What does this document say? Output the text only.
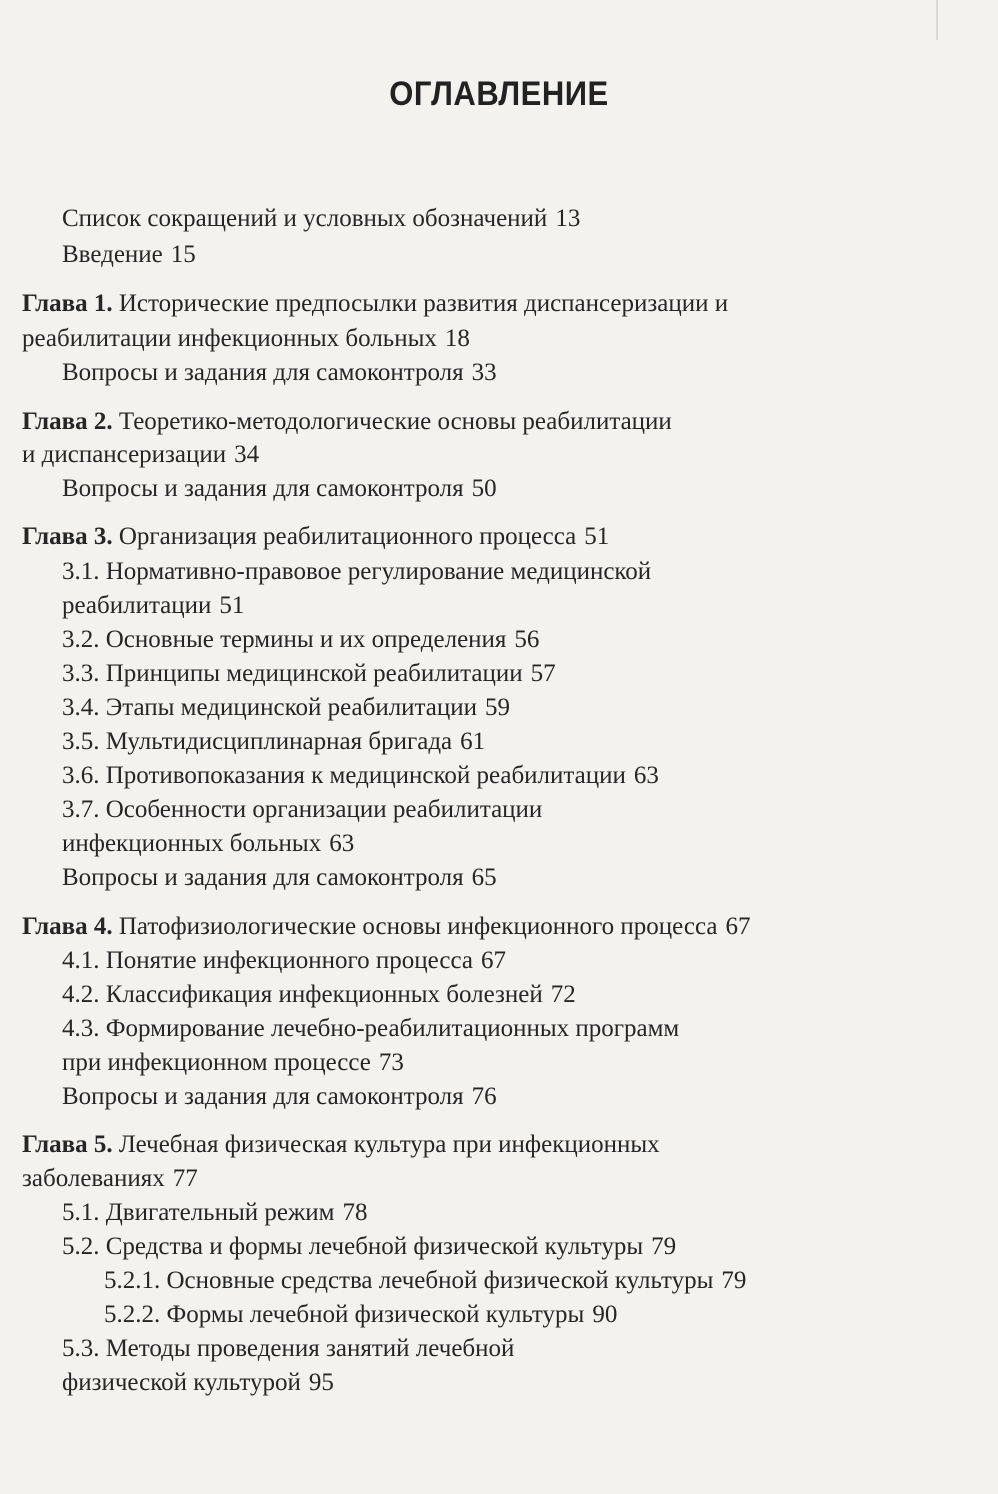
ОГЛАВЛЕНИЕ
Список сокращений и условных обозначений 13
Введение 15
Глава 1. Исторические предпосылки развития диспансеризации и
реабилитации инфекционных больных 18
Вопросы и задания для самоконтроля 33
Глава 2. Теоретико-методологические основы реабилитации
и диспансеризации 34
Вопросы и задания для самоконтроля 50
Глава 3. Организация реабилитационного процесса 51
3.1. Нормативно-правовое регулирование медицинской
реабилитации 51
3.2. Основные термины и их определения 56
3.3. Принципы медицинской реабилитации 57
3.4. Этапы медицинской реабилитации 59
3.5. Мультидисциплинарная бригада 61
3.6. Противопоказания к медицинской реабилитации 63
3.7. Особенности организации реабилитации
инфекционных больных 63
Вопросы и задания для самоконтроля 65
Глава 4. Патофизиологические основы инфекционного процесса 67
4.1. Понятие инфекционного процесса 67
4.2. Классификация инфекционных болезней 72
4.3. Формирование лечебно-реабилитационных программ
при инфекционном процессе 73
Вопросы и задания для самоконтроля 76
Глава 5. Лечебная физическая культура при инфекционных
заболеваниях 77
5.1. Двигательный режим 78
5.2. Средства и формы лечебной физической культуры 79
5.2.1. Основные средства лечебной физической культуры 79
5.2.2. Формы лечебной физической культуры 90
5.3. Методы проведения занятий лечебной
физической культурой 95
